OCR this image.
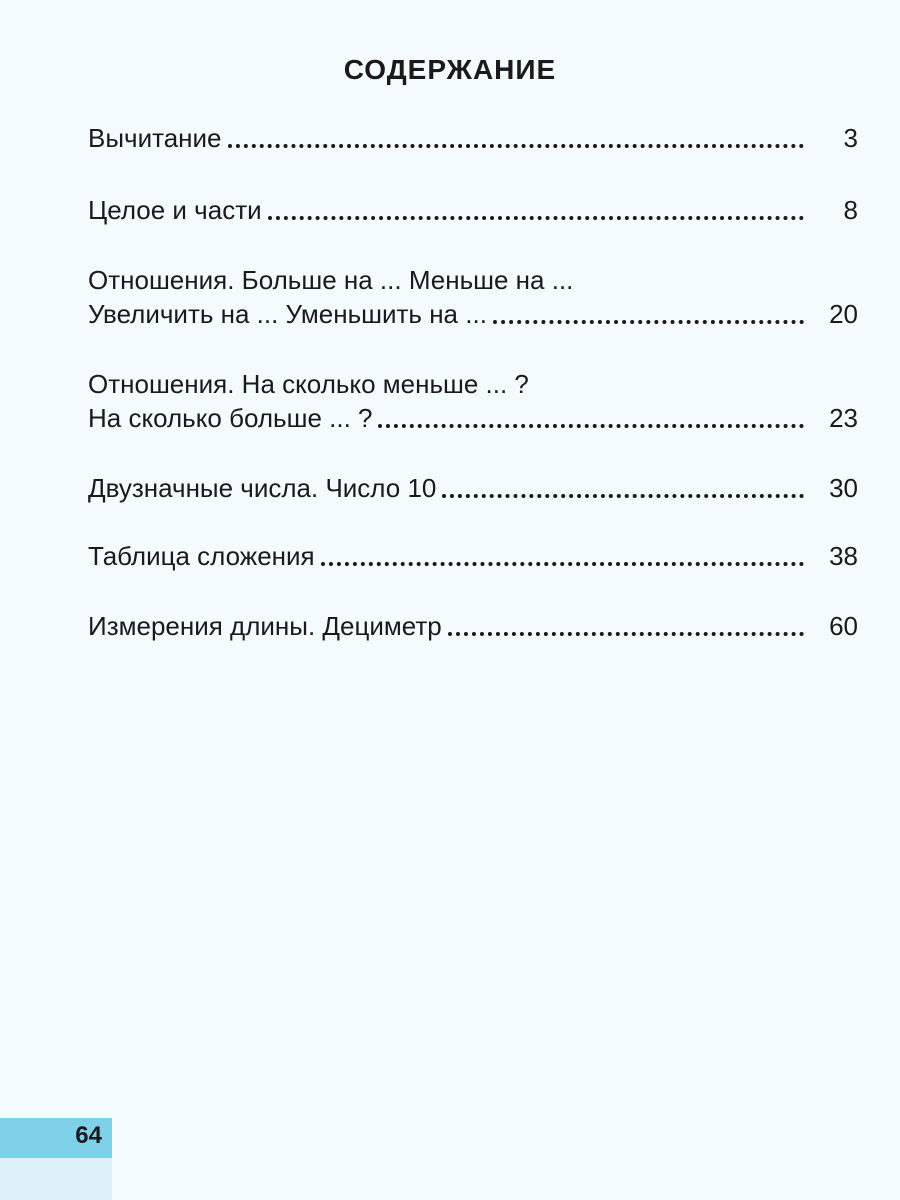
СОДЕРЖАНИЕ
Вычитание	3
Целое и части	8
Отношения. Больше на ... Меньше на ...
Увеличить на ... Уменьшить на ...	20
Отношения. На сколько меньше ... ?
На сколько больше ... ?	23
Двузначные числа. Число 10	30
Таблица сложения	38
Измерения длины. Дециметр	60
64
